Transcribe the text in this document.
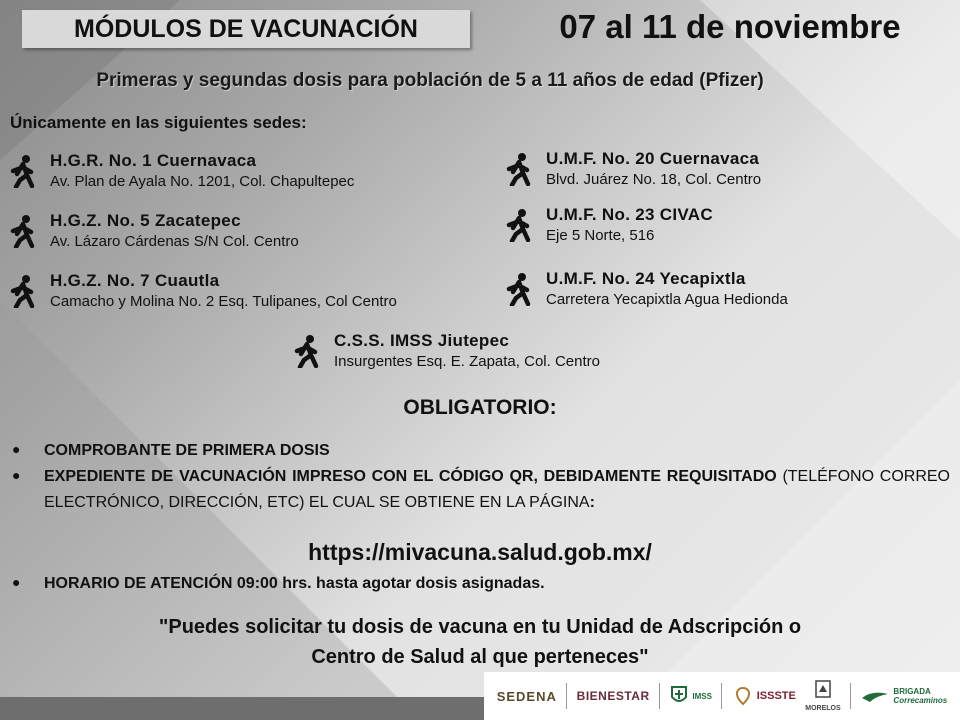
MÓDULOS DE VACUNACIÓN	07 al 11 de noviembre
Primeras y segundas dosis para población de 5 a 11 años de edad (Pfizer)
Únicamente en las siguientes sedes:
H.G.R. No. 1 Cuernavaca
Av. Plan de Ayala No. 1201, Col. Chapultepec
H.G.Z. No. 5 Zacatepec
Av. Lázaro Cárdenas S/N Col. Centro
H.G.Z. No. 7 Cuautla
Camacho y Molina No. 2 Esq. Tulipanes, Col Centro
U.M.F. No. 20 Cuernavaca
Blvd. Juárez No. 18, Col. Centro
U.M.F. No. 23 CIVAC
Eje 5 Norte, 516
U.M.F. No. 24 Yecapixtla
Carretera Yecapixtla Agua Hedionda
C.S.S. IMSS Jiutepec
Insurgentes Esq. E. Zapata, Col. Centro
OBLIGATORIO:
●	COMPROBANTE DE PRIMERA DOSIS
●	EXPEDIENTE DE VACUNACIÓN IMPRESO CON EL CÓDIGO QR, DEBIDAMENTE REQUISITADO (TELÉFONO CORREO ELECTRÓNICO, DIRECCIÓN, ETC) EL CUAL SE OBTIENE EN LA PÁGINA:
https://mivacuna.salud.gob.mx/
●	HORARIO DE ATENCIÓN 09:00 hrs. hasta agotar dosis asignadas.
"Puedes solicitar tu dosis de vacuna en tu Unidad de Adscripción o
Centro de Salud al que perteneces"
SEDENA BIENESTAR	IMSS	ISSSTE
MORELOS
BRIGADA
Correcaminos
